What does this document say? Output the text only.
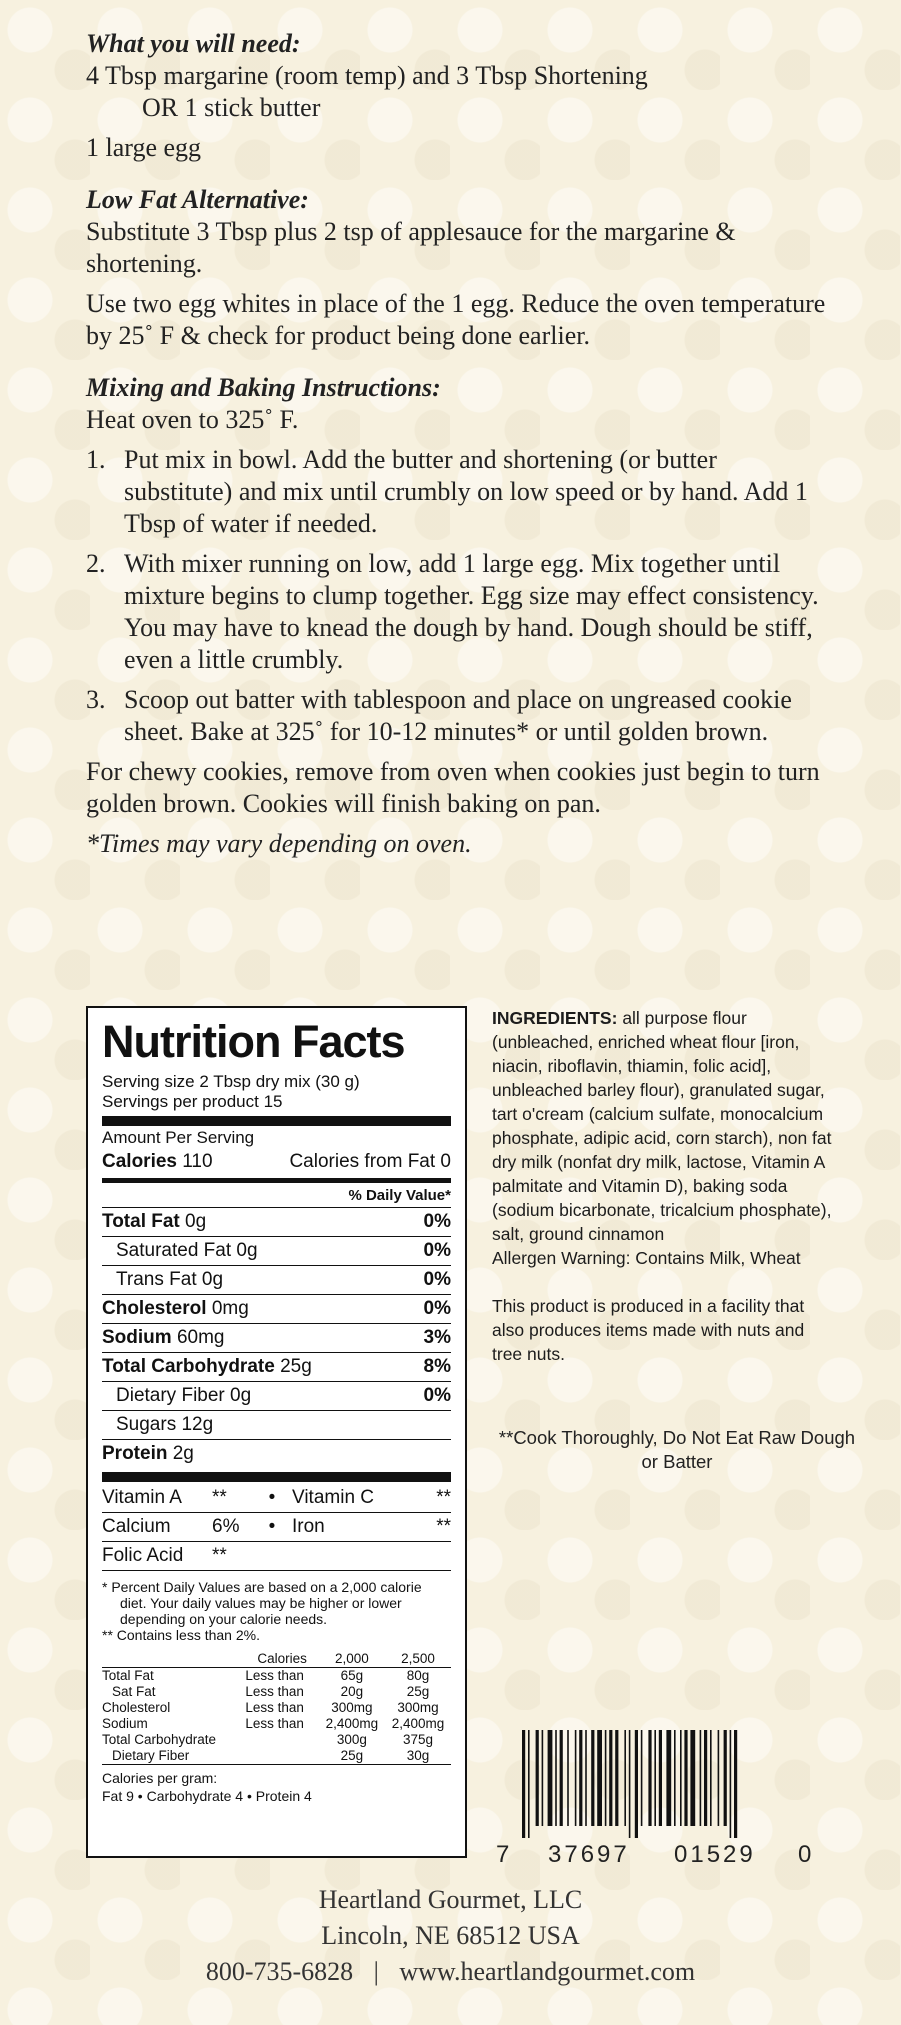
What you will need:

4 Tbsp margarine (room temp) and 3 Tbsp Shortening

OR 1 stick butter

1 large egg

Low Fat Alternative:

Substitute 3 Tbsp plus 2 tsp of applesauce for the margarine & shortening.

Use two egg whites in place of the 1 egg. Reduce the oven temperature by 25˚ F & check for product being done earlier.

Mixing and Baking Instructions:

Heat oven to 325˚ F.

1. Put mix in bowl. Add the butter and shortening (or butter substitute) and mix until crumbly on low speed or by hand. Add 1 Tbsp of water if needed.
2. With mixer running on low, add 1 large egg. Mix together until mixture begins to clump together. Egg size may effect consistency. You may have to knead the dough by hand. Dough should be stiff, even a little crumbly.
3. Scoop out batter with tablespoon and place on ungreased cookie sheet. Bake at 325˚ for 10-12 minutes* or until golden brown.

For chewy cookies, remove from oven when cookies just begin to turn golden brown. Cookies will finish baking on pan.

*Times may vary depending on oven.

Nutrition Facts
Serving size 2 Tbsp dry mix (30 g)
Servings per product 15
Amount Per Serving
Calories 110	Calories from Fat 0
% Daily Value*
Total Fat 0g	0%
Saturated Fat 0g	0%
Trans Fat 0g	0%
Cholesterol 0mg	0%
Sodium 60mg	3%
Total Carbohydrate 25g	8%
Dietary Fiber 0g	0%
Sugars 12g
Protein 2g
Vitamin A	**	• Vitamin C	**
Calcium	6%	• Iron	**
Folic Acid	**
* Percent Daily Values are based on a 2,000 calorie diet. Your daily values may be higher or lower depending on your calorie needs.
** Contains less than 2%.
	Calories	2,000	2,500
Total Fat	Less than	65g	80g
Sat Fat	Less than	20g	25g
Cholesterol	Less than	300mg	300mg
Sodium	Less than	2,400mg	2,400mg
Total Carbohydrate		300g	375g
Dietary Fiber		25g	30g
Calories per gram:
Fat 9 • Carbohydrate 4 • Protein 4
INGREDIENTS: all purpose flour (unbleached, enriched wheat flour [iron, niacin, riboflavin, thiamin, folic acid], unbleached barley flour), granulated sugar, tart o'cream (calcium sulfate, monocalcium phosphate, adipic acid, corn starch), non fat dry milk (nonfat dry milk, lactose, Vitamin A palmitate and Vitamin D), baking soda (sodium bicarbonate, tricalcium phosphate), salt, ground cinnamon
Allergen Warning: Contains Milk, Wheat
This product is produced in a facility that also produces items made with nuts and tree nuts.
**Cook Thoroughly, Do Not Eat Raw Dough or Batter
7 37697 01529 0
Heartland Gourmet, LLC
Lincoln, NE 68512 USA
800-735-6828 | www.heartlandgourmet.com
